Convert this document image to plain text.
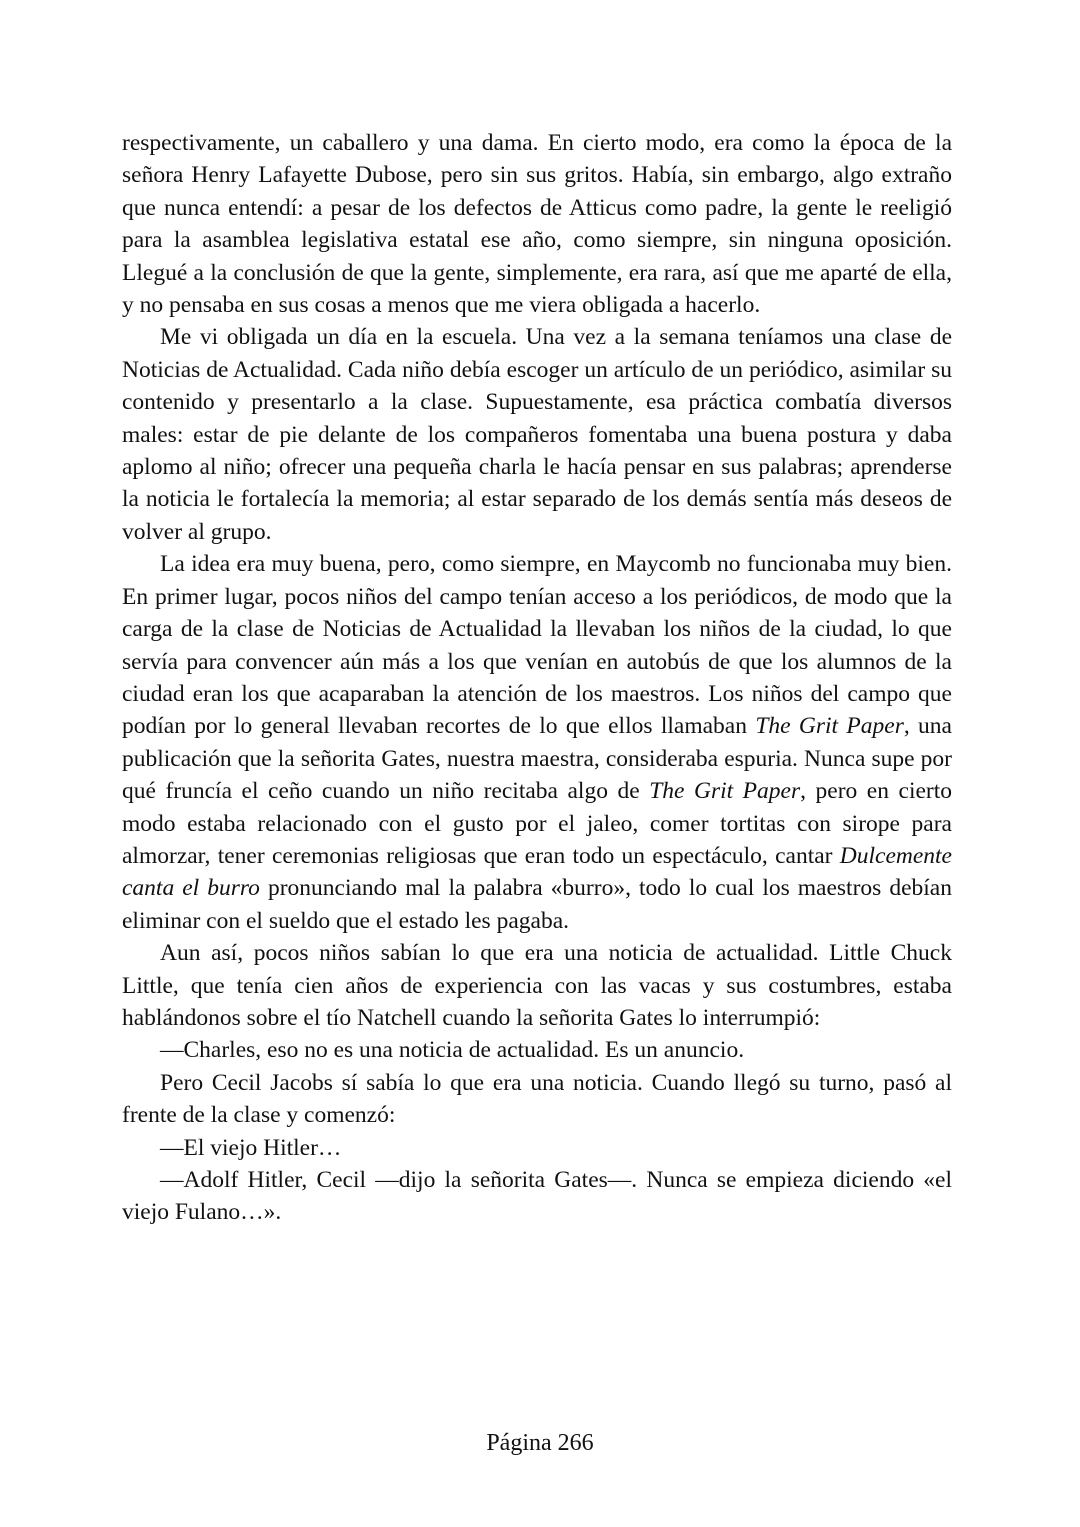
respectivamente, un caballero y una dama. En cierto modo, era como la época de la señora Henry Lafayette Dubose, pero sin sus gritos. Había, sin embargo, algo extraño que nunca entendí: a pesar de los defectos de Atticus como padre, la gente le reeligió para la asamblea legislativa estatal ese año, como siempre, sin ninguna oposición. Llegué a la conclusión de que la gente, simplemente, era rara, así que me aparté de ella, y no pensaba en sus cosas a menos que me viera obligada a hacerlo.

Me vi obligada un día en la escuela. Una vez a la semana teníamos una clase de Noticias de Actualidad. Cada niño debía escoger un artículo de un periódico, asimilar su contenido y presentarlo a la clase. Supuestamente, esa práctica combatía diversos males: estar de pie delante de los compañeros fomentaba una buena postura y daba aplomo al niño; ofrecer una pequeña charla le hacía pensar en sus palabras; aprenderse la noticia le fortalecía la memoria; al estar separado de los demás sentía más deseos de volver al grupo.

La idea era muy buena, pero, como siempre, en Maycomb no funcionaba muy bien. En primer lugar, pocos niños del campo tenían acceso a los periódicos, de modo que la carga de la clase de Noticias de Actualidad la llevaban los niños de la ciudad, lo que servía para convencer aún más a los que venían en autobús de que los alumnos de la ciudad eran los que acaparaban la atención de los maestros. Los niños del campo que podían por lo general llevaban recortes de lo que ellos llamaban The Grit Paper, una publicación que la señorita Gates, nuestra maestra, consideraba espuria. Nunca supe por qué fruncía el ceño cuando un niño recitaba algo de The Grit Paper, pero en cierto modo estaba relacionado con el gusto por el jaleo, comer tortitas con sirope para almorzar, tener ceremonias religiosas que eran todo un espectáculo, cantar Dulcemente canta el burro pronunciando mal la palabra «burro», todo lo cual los maestros debían eliminar con el sueldo que el estado les pagaba.

Aun así, pocos niños sabían lo que era una noticia de actualidad. Little Chuck Little, que tenía cien años de experiencia con las vacas y sus costumbres, estaba hablándonos sobre el tío Natchell cuando la señorita Gates lo interrumpió:

—Charles, eso no es una noticia de actualidad. Es un anuncio.

Pero Cecil Jacobs sí sabía lo que era una noticia. Cuando llegó su turno, pasó al frente de la clase y comenzó:

—El viejo Hitler…

—Adolf Hitler, Cecil —dijo la señorita Gates—. Nunca se empieza diciendo «el viejo Fulano…».

Página 266
